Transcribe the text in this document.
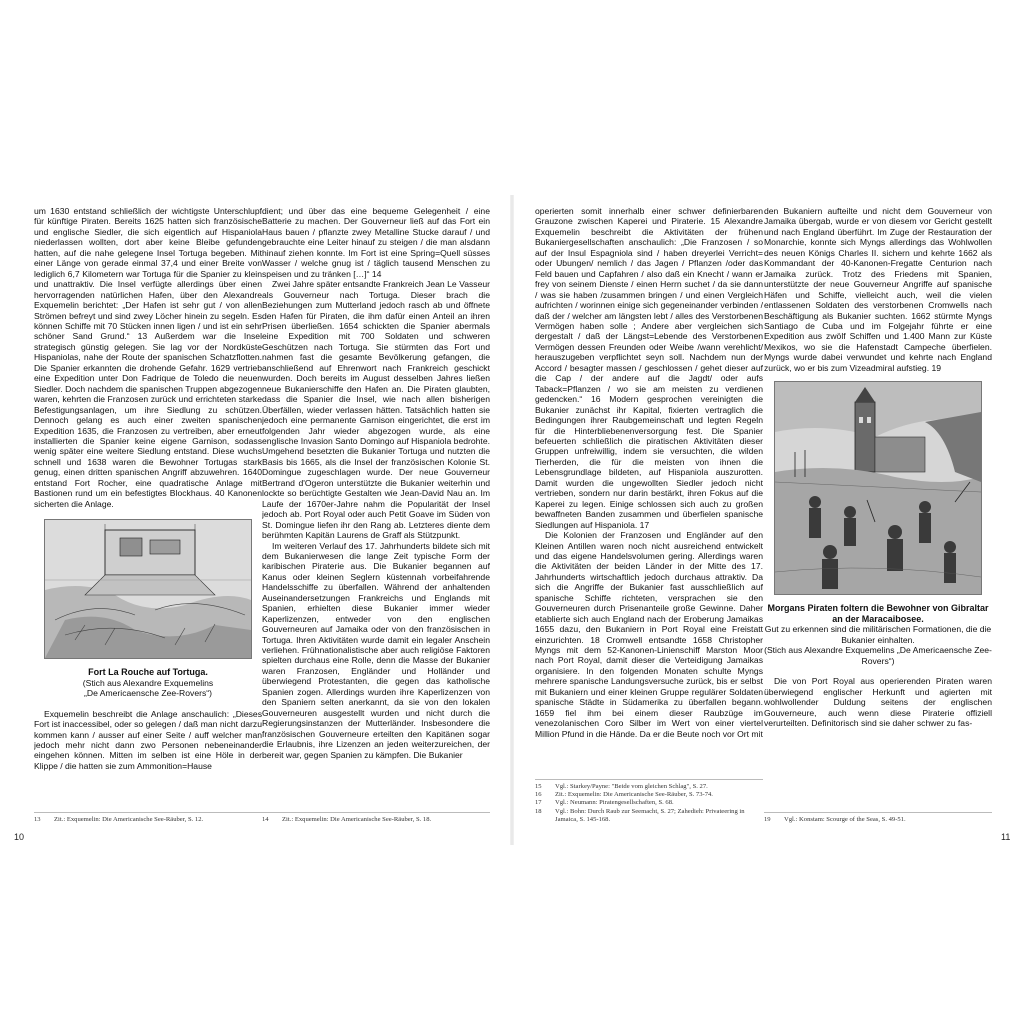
um 1630 entstand schließlich der wichtigste Unterschlupf für künftige Piraten. Bereits 1625 hatten sich französische und englische Siedler, die sich eigentlich auf Hispaniola niederlassen wollten, dort aber keine Bleibe gefunden hatten, auf die nahe gelegene Insel Tortuga begeben. Mit einer Länge von gerade einmal 37,4 und einer Breite von lediglich 6,7 Kilometern war Tortuga für die Spanier zu klein und unattraktiv. Die Insel verfügte allerdings über einen hervorragenden natürlichen Hafen, über den Alexandre Exquemelin berichtet: „Der Hafen ist sehr gut / von allen Strömen befreyt und sind zwey Löcher hinein zu segeln. Es können Schiffe mit 70 Stücken innen ligen / und ist ein sehr schöner Sand Grund.“ 13 Außerdem war die Insel strategisch günstig gelegen. Sie lag vor der Nordküste Hispaniolas, nahe der Route der spanischen Schatzflotten. Die Spanier erkannten die drohende Gefahr. 1629 vertrieb eine Expedition unter Don Fadrique de Toledo die neuen Siedler. Doch nachdem die spanischen Truppen abgezogen waren, kehrten die Franzosen zurück und errichteten starke Befestigungsanlagen, um ihre Siedlung zu schützen. Dennoch gelang es auch einer zweiten spanischen Expedition 1635, die Franzosen zu vertreiben, aber erneut installierten die Spanier keine eigene Garnison, sodass wenig später eine weitere Siedlung entstand. Diese wuchs schnell und 1638 waren die Bewohner Tortugas stark genug, einen dritten spanischen Angriff abzuwehren. 1640 entstand Fort Rocher, eine quadratische Anlage mit Bastionen rund um ein befestigtes Blockhaus. 40 Kanonen sicherten die Anlage.

Fort La Rouche auf Tortuga.
(Stich aus Alexandre Exquemelins
„De Americaensche Zee-Rovers“)

Exquemelin beschreibt die Anlage anschaulich: „Dieses Fort ist inaccessibel, oder so gelegen / daß man nicht darzu kommen kann / ausser auf einer Seite / auff welcher man jedoch mehr nicht dann zwo Personen nebeneinander eingehen können. Mitten im selben ist eine Höle in der Klippe / die hatten sie zum Ammonition=Hause

dient; und über das eine bequeme Gelegenheit / eine Batterie zu machen. Der Gouverneur ließ auf das Fort ein Haus bauen / pflanzte zwey Metalline Stucke darauf / und gebrauchte eine Leiter hinauf zu steigen / die man alsdann hinauf ziehen konnte. Im Fort ist eine Spring=Quell süsses Wasser / welche gnug ist / täglich tausend Menschen zu speisen und zu tränken […]“ 14

Zwei Jahre später entsandte Frankreich Jean Le Vasseur als Gouverneur nach Tortuga. Dieser brach die Beziehungen zum Mutterland jedoch rasch ab und öffnete den Hafen für Piraten, die ihm dafür einen Anteil an ihren Prisen überließen. 1654 schickten die Spanier abermals eine Expedition mit 700 Soldaten und schweren Geschützen nach Tortuga. Sie stürmten das Fort und nahmen fast die gesamte Bevölkerung gefangen, die anschließend auf Ehrenwort nach Frankreich geschickt wurden. Doch bereits im August desselben Jahres ließen neue Bukanierschiffe den Hafen an. Die Piraten glaubten, dass die Spanier die Insel, wie nach allen bisherigen Überfällen, wieder verlassen hätten. Tatsächlich hatten sie jedoch eine permanente Garnison eingerichtet, die erst im folgenden Jahr wieder abgezogen wurde, als eine englische Invasion Santo Domingo auf Hispaniola bedrohte. Umgehend besetzten die Bukanier Tortuga und nutzten die Basis bis 1665, als die Insel der französischen Kolonie St. Domingue zugeschlagen wurde. Der neue Gouverneur Bertrand d'Ogeron unterstützte die Bukanier weiterhin und lockte so berüchtigte Gestalten wie Jean-David Nau an. Im Laufe der 1670er-Jahre nahm die Popularität der Insel jedoch ab. Port Royal oder auch Petit Goave im Süden von St. Domingue liefen ihr den Rang ab. Letzteres diente dem berühmten Kapitän Laurens de Graff als Stützpunkt.

Im weiteren Verlauf des 17. Jahrhunderts bildete sich mit dem Bukanierwesen die lange Zeit typische Form der karibischen Piraterie aus. Die Bukanier begannen auf Kanus oder kleinen Seglern küstennah vorbeifahrende Handelsschiffe zu überfallen. Während der anhaltenden Auseinandersetzungen Frankreichs und Englands mit Spanien, erhielten diese Bukanier immer wieder Kaperlizenzen, entweder von den englischen Gouverneuren auf Jamaika oder von den französischen in Tortuga. Ihren Aktivitäten wurde damit ein legaler Anschein verliehen. Frühnationalistische aber auch religiöse Faktoren spielten durchaus eine Rolle, denn die Masse der Bukanier waren Franzosen, Engländer und Holländer und überwiegend Protestanten, die gegen das katholische Spanien zogen. Allerdings wurden ihre Kaperlizenzen von den Spaniern selten anerkannt, da sie von den lokalen Gouverneuren ausgestellt wurden und nicht durch die Regierungsinstanzen der Mutterländer. Insbesondere die französischen Gouverneure erteilten den Kapitänen sogar die Erlaubnis, ihre Lizenzen an jeden weiterzureichen, der bereit war, gegen Spanien zu kämpfen. Die Bukanier

operierten somit innerhalb einer schwer definierbaren Grauzone zwischen Kaperei und Piraterie. 15 Alexandre Exquemelin beschreibt die Aktivitäten der frühen Bukaniergesellschaften anschaulich: „Die Franzosen / so auf der Insul Espagniola sind / haben dreyerlei Verricht= oder Ubungen/ nemlich / das Jagen / Pflanzen /oder das Feld bauen und Capfahren / also daß ein Knecht / wann er frey von seinem Dienste / einen Herrn suchet / da sie dann / was sie haben /zusammen bringen / und einen Vergleich aufrichten / worinnen einige sich gegeneinander verbinden / daß der / welcher am längsten lebt / alles des Verstorbenen Vermögen haben solle ; Andere aber vergleichen sich dergestalt / daß der Längst=Lebende des Verstorbenen Vermögen dessen Freunden oder Weibe /wann verehlicht/ herauszugeben verpflichtet seyn soll. Nachdem nun der Accord / besagter massen / geschlossen / gehet dieser auf die Cap / der andere auf die Jagdt/ oder aufs Taback=Pflanzen / wo sie am meisten zu verdienen gedencken.“ 16 Modern gesprochen vereinigten die Bukanier zunächst ihr Kapital, fixierten vertraglich die Bedingungen ihrer Raubgemeinschaft und legten Regeln für die Hinterbliebenenversorgung fest. Die Spanier befeuerten schließlich die piratischen Aktivitäten dieser Gruppen unfreiwillig, indem sie versuchten, die wilden Tierherden, die für die meisten von ihnen die Lebensgrundlage bildeten, auf Hispaniola auszurotten. Damit wurden die ungewollten Siedler jedoch nicht vertrieben, sondern nur darin bestärkt, ihren Fokus auf die Kaperei zu legen. Einige schlossen sich auch zu großen bewaffneten Banden zusammen und überfielen spanische Siedlungen auf Hispaniola. 17

Die Kolonien der Franzosen und Engländer auf den Kleinen Antillen waren noch nicht ausreichend entwickelt und das eigene Handelsvolumen gering. Allerdings waren die Aktivitäten der beiden Länder in der Mitte des 17. Jahrhunderts wirtschaftlich jedoch durchaus attraktiv. Da sich die Angriffe der Bukanier fast ausschließlich auf spanische Schiffe richteten, versprachen sie den Gouverneuren durch Prisenanteile große Gewinne. Daher etablierte sich auch England nach der Eroberung Jamaikas 1655 dazu, den Bukaniern in Port Royal eine Freistatt einzurichten. 18 Cromwell entsandte 1658 Christopher Myngs mit dem 52-Kanonen-Linienschiff Marston Moor nach Port Royal, damit dieser die Verteidigung Jamaikas organisiere. In den folgenden Monaten schulte Myngs mehrere spanische Landungsversuche zurück, bis er selbst mit Bukaniern und einer kleinen Gruppe regulärer Soldaten spanische Städte in Südamerika zu überfallen begann. 1659 fiel ihm bei einem dieser Raubzüge im venezolanischen Coro Silber im Wert von einer viertel Million Pfund in die Hände. Da er die Beute noch vor Ort mit

den Bukaniern aufteilte und nicht dem Gouverneur von Jamaika übergab, wurde er von diesem vor Gericht gestellt und nach England überführt. Im Zuge der Restauration der Monarchie, konnte sich Myngs allerdings das Wohlwollen des neuen Königs Charles II. sichern und kehrte 1662 als Kommandant der 40-Kanonen-Fregatte Centurion nach Jamaika zurück. Trotz des Friedens mit Spanien, unterstützte der neue Gouverneur Angriffe auf spanische Häfen und Schiffe, vielleicht auch, weil die vielen entlassenen Soldaten des verstorbenen Cromwells nach Beschäftigung als Bukanier suchten. 1662 stürmte Myngs Santiago de Cuba und im Folgejahr führte er eine Expedition aus zwölf Schiffen und 1.400 Mann zur Küste Mexikos, wo sie die Hafenstadt Campeche überfielen. Myngs wurde dabei verwundet und kehrte nach England zurück, wo er bis zum Vizeadmiral aufstieg. 19

Morgans Piraten foltern die Bewohner von Gibraltar an der Maracaibosee.
Gut zu erkennen sind die militärischen Formationen, die die Bukanier einhalten.
(Stich aus Alexandre Exquemelins „De Americaensche Zee-Rovers“)

Die von Port Royal aus operierenden Piraten waren überwiegend englischer Herkunft und agierten mit wohlwollender Duldung seitens der englischen Gouverneure, auch wenn diese Piraterie offiziell verurteilten. Definitorisch sind sie daher schwer zu fas-

13	Zit.: Exquemelin: Die Americanische See-Räuber, S. 12.	14	Zit.: Exquemelin: Die Americanische See-Räuber, S. 18.
15	Vgl.: Starkey/Payne: "Beide vom gleichen Schlag", S. 27.
16	Zit.: Exquemelin: Die Americanische See-Räuber, S. 73-74.
17	Vgl.: Neumann: Piratengesellschaften, S. 68.
18	Vgl.: Bohn: Durch Raub zur Seemacht, S. 27; Zahedieh: Privateering in Jamaica, S. 145-168.	19	Vgl.: Konstam: Scourge of the Seas, S. 49-51.
10	11
